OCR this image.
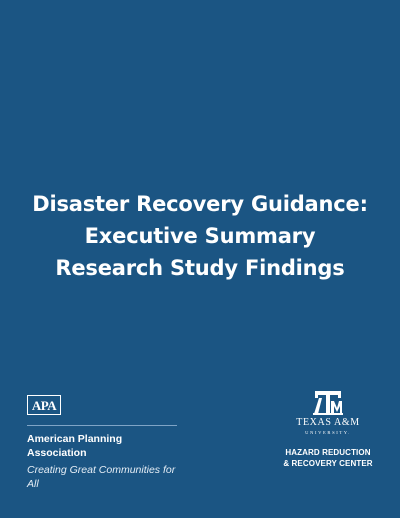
Disaster Recovery Guidance:
Executive Summary
Research Study Findings
APA
American Planning Association
Creating Great Communities for All
TEXAS A&M
UNIVERSITY.
HAZARD REDUCTION
& RECOVERY CENTER
